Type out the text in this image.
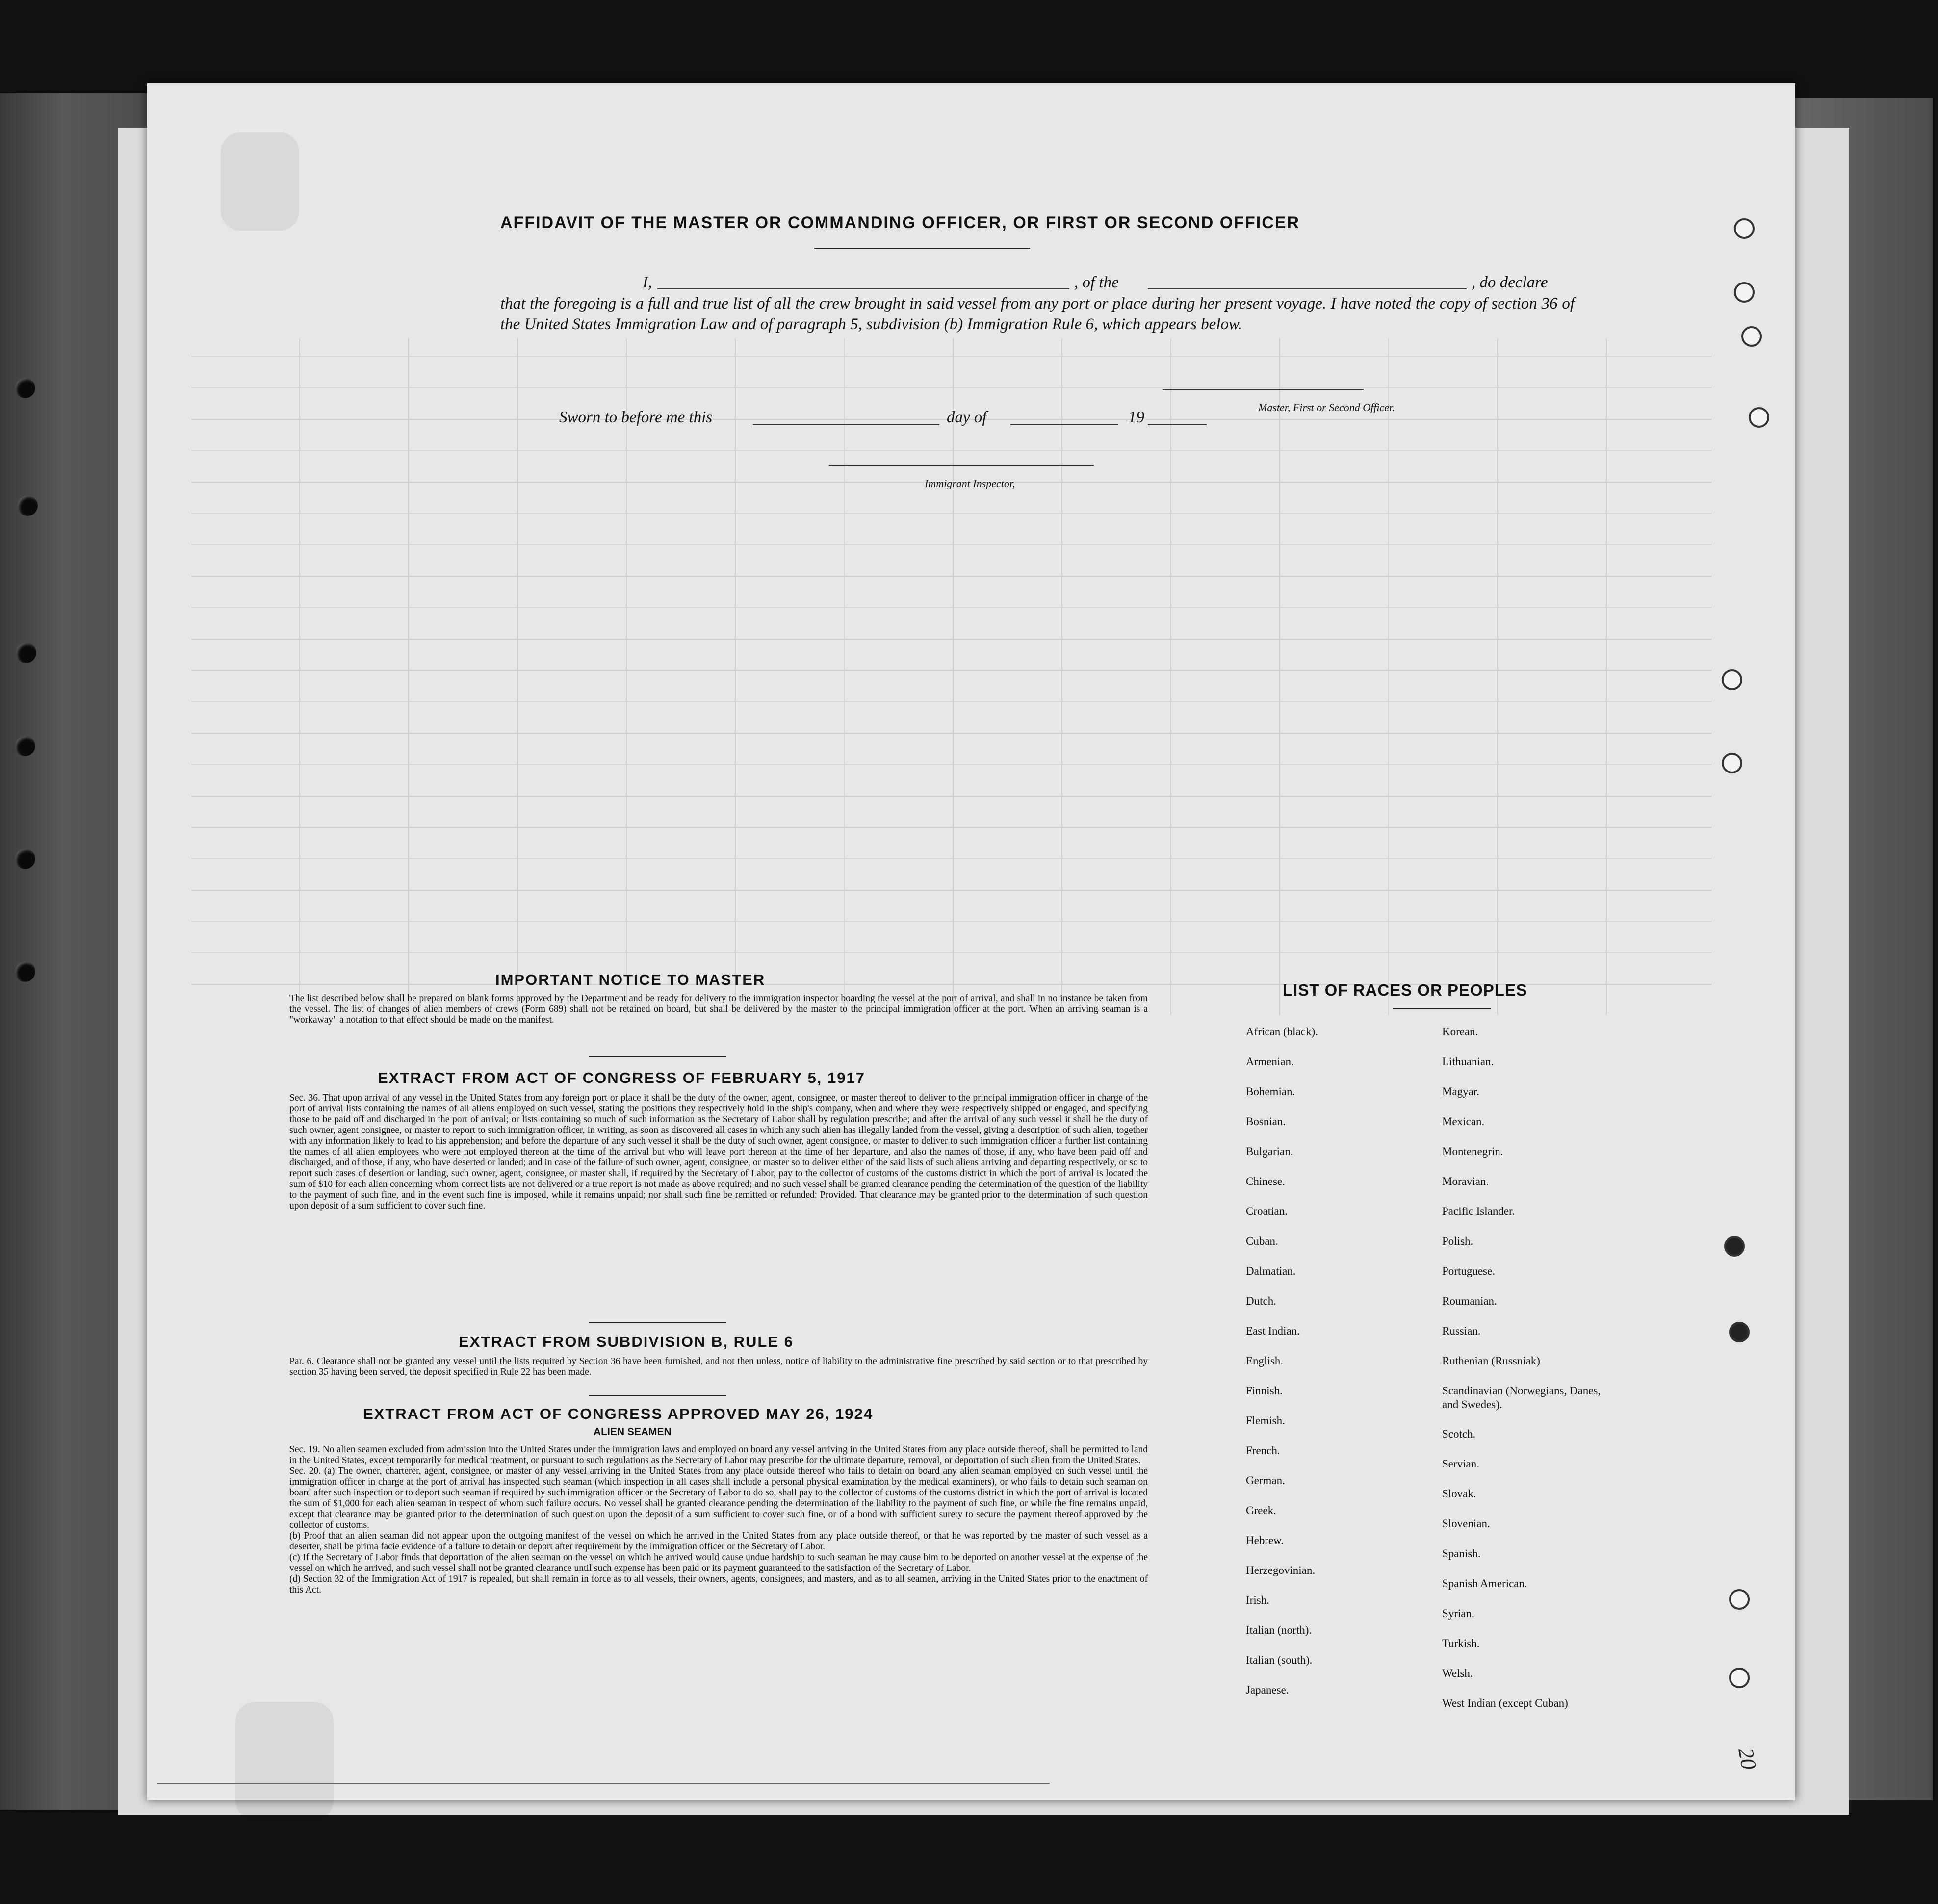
AFFIDAVIT OF THE MASTER OR COMMANDING OFFICER, OR FIRST OR SECOND OFFICER
I,	, of the	, do declare
that the foregoing is a full and true list of all the crew brought in said vessel from any port or place during her present voyage. I have noted the copy of section 36 of the United States Immigration Law and of paragraph 5, subdivision (b) Immigration Rule 6, which appears below.
Master, First or Second Officer.
Sworn to before me this	day of	19
Immigrant Inspector,
IMPORTANT NOTICE TO MASTER
The list described below shall be prepared on blank forms approved by the Department and be ready for delivery to the immigration inspector boarding the vessel at the port of arrival, and shall in no instance be taken from the vessel. The list of changes of alien members of crews (Form 689) shall not be retained on board, but shall be delivered by the master to the principal immigration officer at the port. When an arriving seaman is a "workaway" a notation to that effect should be made on the manifest.
EXTRACT FROM ACT OF CONGRESS OF FEBRUARY 5, 1917
Sec. 36. That upon arrival of any vessel in the United States from any foreign port or place it shall be the duty of the owner, agent, consignee, or master thereof to deliver to the principal immigration officer in charge of the port of arrival lists containing the names of all aliens employed on such vessel, stating the positions they respectively hold in the ship's company, when and where they were respectively shipped or engaged, and specifying those to be paid off and discharged in the port of arrival; or lists containing so much of such information as the Secretary of Labor shall by regulation prescribe; and after the arrival of any such vessel it shall be the duty of such owner, agent consignee, or master to report to such immigration officer, in writing, as soon as discovered all cases in which any such alien has illegally landed from the vessel, giving a description of such alien, together with any information likely to lead to his apprehension; and before the departure of any such vessel it shall be the duty of such owner, agent consignee, or master to deliver to such immigration officer a further list containing the names of all alien employees who were not employed thereon at the time of the arrival but who will leave port thereon at the time of her departure, and also the names of those, if any, who have been paid off and discharged, and of those, if any, who have deserted or landed; and in case of the failure of such owner, agent, consignee, or master so to deliver either of the said lists of such aliens arriving and departing respectively, or so to report such cases of desertion or landing, such owner, agent, consignee, or master shall, if required by the Secretary of Labor, pay to the collector of customs of the customs district in which the port of arrival is located the sum of $10 for each alien concerning whom correct lists are not delivered or a true report is not made as above required; and no such vessel shall be granted clearance pending the determination of the question of the liability to the payment of such fine, and in the event such fine is imposed, while it remains unpaid; nor shall such fine be remitted or refunded: Provided. That clearance may be granted prior to the determination of such question upon deposit of a sum sufficient to cover such fine.
EXTRACT FROM SUBDIVISION B, RULE 6
Par. 6. Clearance shall not be granted any vessel until the lists required by Section 36 have been furnished, and not then unless, notice of liability to the administrative fine prescribed by said section or to that prescribed by section 35 having been served, the deposit specified in Rule 22 has been made.
EXTRACT FROM ACT OF CONGRESS APPROVED MAY 26, 1924
ALIEN SEAMEN
Sec. 19. No alien seamen excluded from admission into the United States under the immigration laws and employed on board any vessel arriving in the United States from any place outside thereof, shall be permitted to land in the United States, except temporarily for medical treatment, or pursuant to such regulations as the Secretary of Labor may prescribe for the ultimate departure, removal, or deportation of such alien from the United States.
Sec. 20. (a) The owner, charterer, agent, consignee, or master of any vessel arriving in the United States from any place outside thereof who fails to detain on board any alien seaman employed on such vessel until the immigration officer in charge at the port of arrival has inspected such seaman (which inspection in all cases shall include a personal physical examination by the medical examiners), or who fails to detain such seaman on board after such inspection or to deport such seaman if required by such immigration officer or the Secretary of Labor to do so, shall pay to the collector of customs of the customs district in which the port of arrival is located the sum of $1,000 for each alien seaman in respect of whom such failure occurs. No vessel shall be granted clearance pending the determination of the liability to the payment of such fine, or while the fine remains unpaid, except that clearance may be granted prior to the determination of such question upon the deposit of a sum sufficient to cover such fine, or of a bond with sufficient surety to secure the payment thereof approved by the collector of customs.
(b) Proof that an alien seaman did not appear upon the outgoing manifest of the vessel on which he arrived in the United States from any place outside thereof, or that he was reported by the master of such vessel as a deserter, shall be prima facie evidence of a failure to detain or deport after requirement by the immigration officer or the Secretary of Labor.
(c) If the Secretary of Labor finds that deportation of the alien seaman on the vessel on which he arrived would cause undue hardship to such seaman he may cause him to be deported on another vessel at the expense of the vessel on which he arrived, and such vessel shall not be granted clearance until such expense has been paid or its payment guaranteed to the satisfaction of the Secretary of Labor.
(d) Section 32 of the Immigration Act of 1917 is repealed, but shall remain in force as to all vessels, their owners, agents, consignees, and masters, and as to all seamen, arriving in the United States prior to the enactment of this Act.
LIST OF RACES OR PEOPLES
African (black).
Armenian.
Bohemian.
Bosnian.
Bulgarian.
Chinese.
Croatian.
Cuban.
Dalmatian.
Dutch.
East Indian.
English.
Finnish.
Flemish.
French.
German.
Greek.
Hebrew.
Herzegovinian.
Irish.
Italian (north).
Italian (south).
Japanese.
Korean.
Lithuanian.
Magyar.
Mexican.
Montenegrin.
Moravian.
Pacific Islander.
Polish.
Portuguese.
Roumanian.
Russian.
Ruthenian (Russniak)
Scandinavian (Norwegians, Danes, and Swedes).
Scotch.
Servian.
Slovak.
Slovenian.
Spanish.
Spanish American.
Syrian.
Turkish.
Welsh.
West Indian (except Cuban)
Local Agents
20
